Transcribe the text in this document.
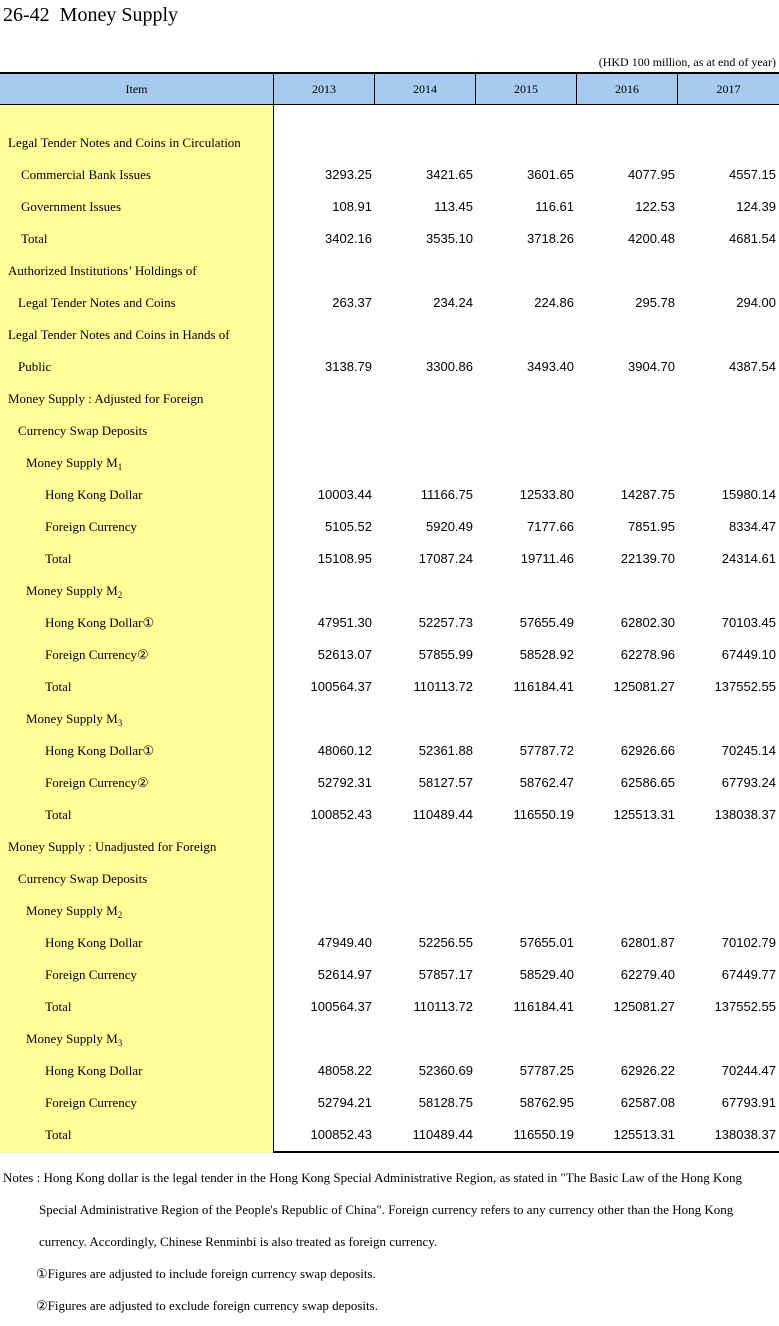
26-42  Money Supply
(HKD 100 million, as at end of year)
Item	2013	2014	2015	2016	2017
Legal Tender Notes and Coins in Circulation
Commercial Bank Issues	3293.25	3421.65	3601.65	4077.95	4557.15
Government Issues	108.91	113.45	116.61	122.53	124.39
Total	3402.16	3535.10	3718.26	4200.48	4681.54
Authorized Institutions’ Holdings of
Legal Tender Notes and Coins	263.37	234.24	224.86	295.78	294.00
Legal Tender Notes and Coins in Hands of
Public	3138.79	3300.86	3493.40	3904.70	4387.54
Money Supply : Adjusted for Foreign
Currency Swap Deposits
Money Supply $M_1$
Hong Kong Dollar	10003.44	11166.75	12533.80	14287.75	15980.14
Foreign Currency	5105.52	5920.49	7177.66	7851.95	8334.47
Total	15108.95	17087.24	19711.46	22139.70	24314.61
Money Supply $M_2$
Hong Kong Dollar①	47951.30	52257.73	57655.49	62802.30	70103.45
Foreign Currency②	52613.07	57855.99	58528.92	62278.96	67449.10
Total	100564.37	110113.72	116184.41	125081.27	137552.55
Money Supply $M_3$
Hong Kong Dollar①	48060.12	52361.88	57787.72	62926.66	70245.14
Foreign Currency②	52792.31	58127.57	58762.47	62586.65	67793.24
Total	100852.43	110489.44	116550.19	125513.31	138038.37
Money Supply : Unadjusted for Foreign
Currency Swap Deposits
Money Supply $M_2$
Hong Kong Dollar	47949.40	52256.55	57655.01	62801.87	70102.79
Foreign Currency	52614.97	57857.17	58529.40	62279.40	67449.77
Total	100564.37	110113.72	116184.41	125081.27	137552.55
Money Supply $M_3$
Hong Kong Dollar	48058.22	52360.69	57787.25	62926.22	70244.47
Foreign Currency	52794.21	58128.75	58762.95	62587.08	67793.91
Total	100852.43	110489.44	116550.19	125513.31	138038.37
Notes : Hong Kong dollar is the legal tender in the Hong Kong Special Administrative Region, as stated in "The Basic Law of the Hong Kong
Special Administrative Region of the People's Republic of China". Foreign currency refers to any currency other than the Hong Kong
currency. Accordingly, Chinese Renminbi is also treated as foreign currency.
①Figures are adjusted to include foreign currency swap deposits.
②Figures are adjusted to exclude foreign currency swap deposits.
